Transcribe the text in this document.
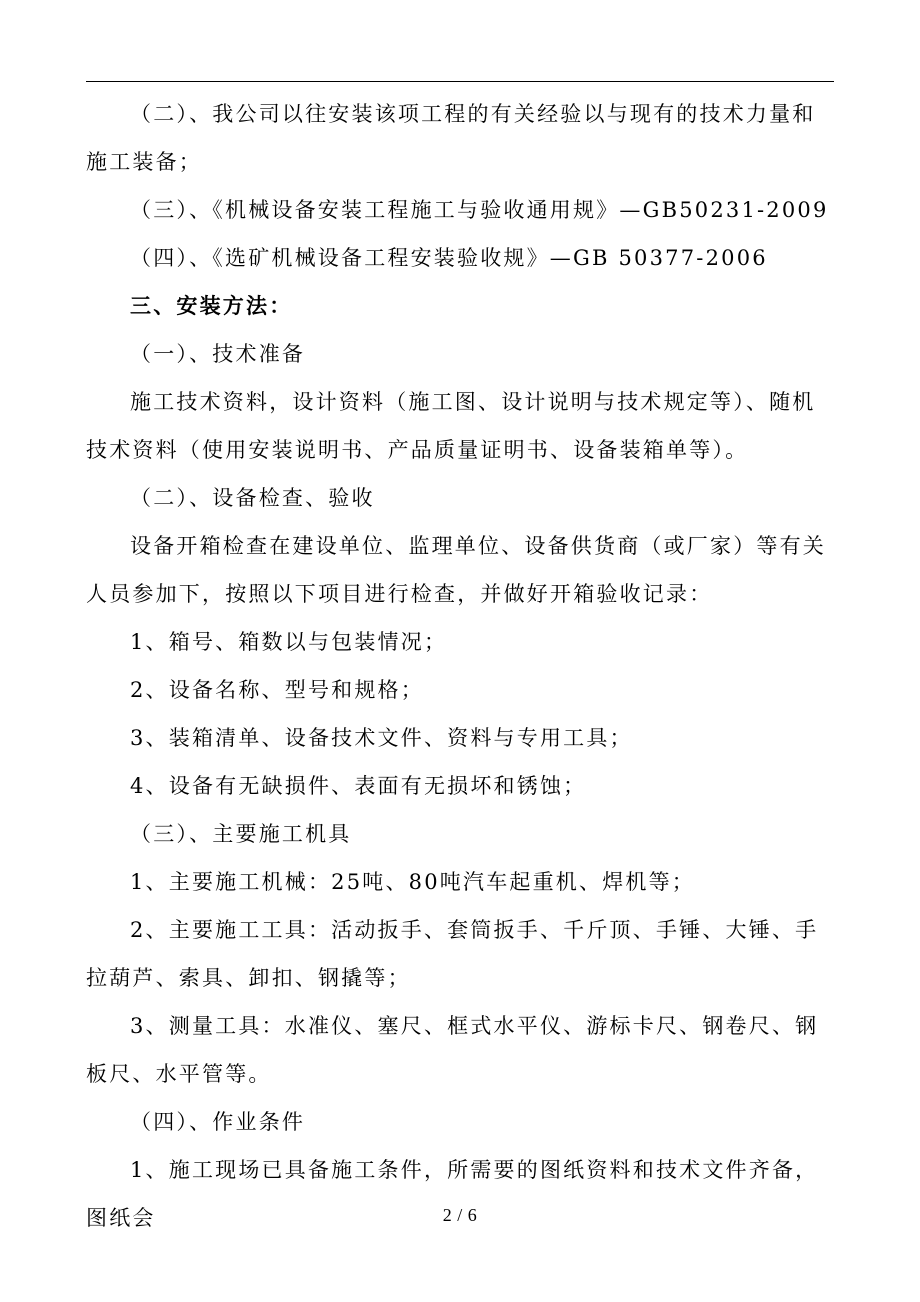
（二）、我公司以往安装该项工程的有关经验以与现有的技术力量和施工装备；

（三）、《机械设备安装工程施工与验收通用规》—GB50231-2009

（四）、《选矿机械设备工程安装验收规》—GB 50377-2006

三、安装方法：

（一）、技术准备

施工技术资料，设计资料（施工图、设计说明与技术规定等）、随机技术资料（使用安装说明书、产品质量证明书、设备装箱单等）。

（二）、设备检查、验收

设备开箱检查在建设单位、监理单位、设备供货商（或厂家）等有关人员参加下，按照以下项目进行检查，并做好开箱验收记录：

1、箱号、箱数以与包装情况；

2、设备名称、型号和规格；

3、装箱清单、设备技术文件、资料与专用工具；

4、设备有无缺损件、表面有无损坏和锈蚀；

（三）、主要施工机具

1、主要施工机械：25吨、80吨汽车起重机、焊机等；

2、主要施工工具：活动扳手、套筒扳手、千斤顶、手锤、大锤、手拉葫芦、索具、卸扣、钢撬等；

3、测量工具：水准仪、塞尺、框式水平仪、游标卡尺、钢卷尺、钢板尺、水平管等。

（四）、作业条件

1、施工现场已具备施工条件，所需要的图纸资料和技术文件齐备，图纸会	2 / 6
